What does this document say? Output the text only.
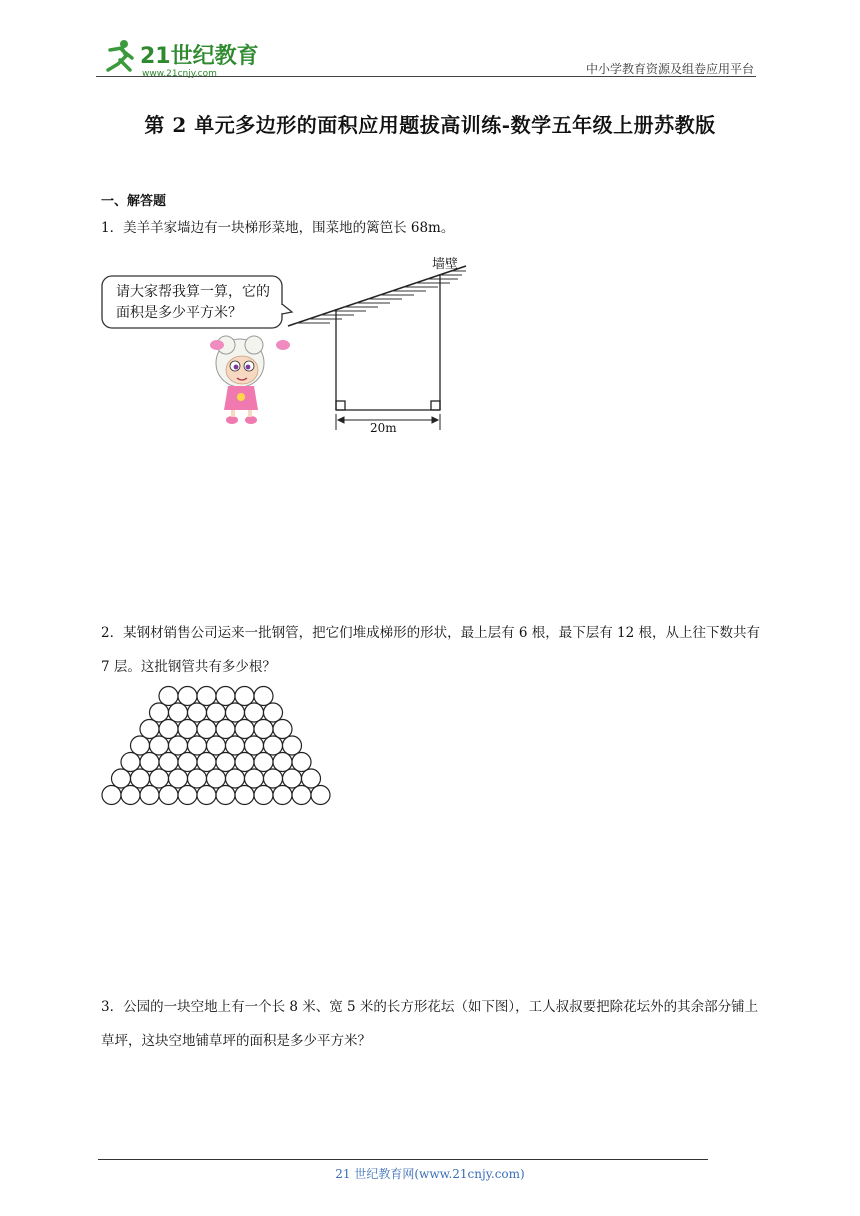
21世纪教育
www.21cnjy.com	中小学教育资源及组卷应用平台
第 2 单元多边形的面积应用题拔高训练-数学五年级上册苏教版
一、解答题
1．美羊羊家墙边有一块梯形菜地，围菜地的篱笆长 68m。
请大家帮我算一算，它的面积是多少平方米？
墙壁
20m
2．某钢材销售公司运来一批钢管，把它们堆成梯形的形状，最上层有 6 根，最下层有 12 根，从上往下数共有 7 层。这批钢管共有多少根？
3．公园的一块空地上有一个长 8 米、宽 5 米的长方形花坛（如下图），工人叔叔要把除花坛外的其余部分铺上草坪，这块空地铺草坪的面积是多少平方米？
21 世纪教育网(www.21cnjy.com)
